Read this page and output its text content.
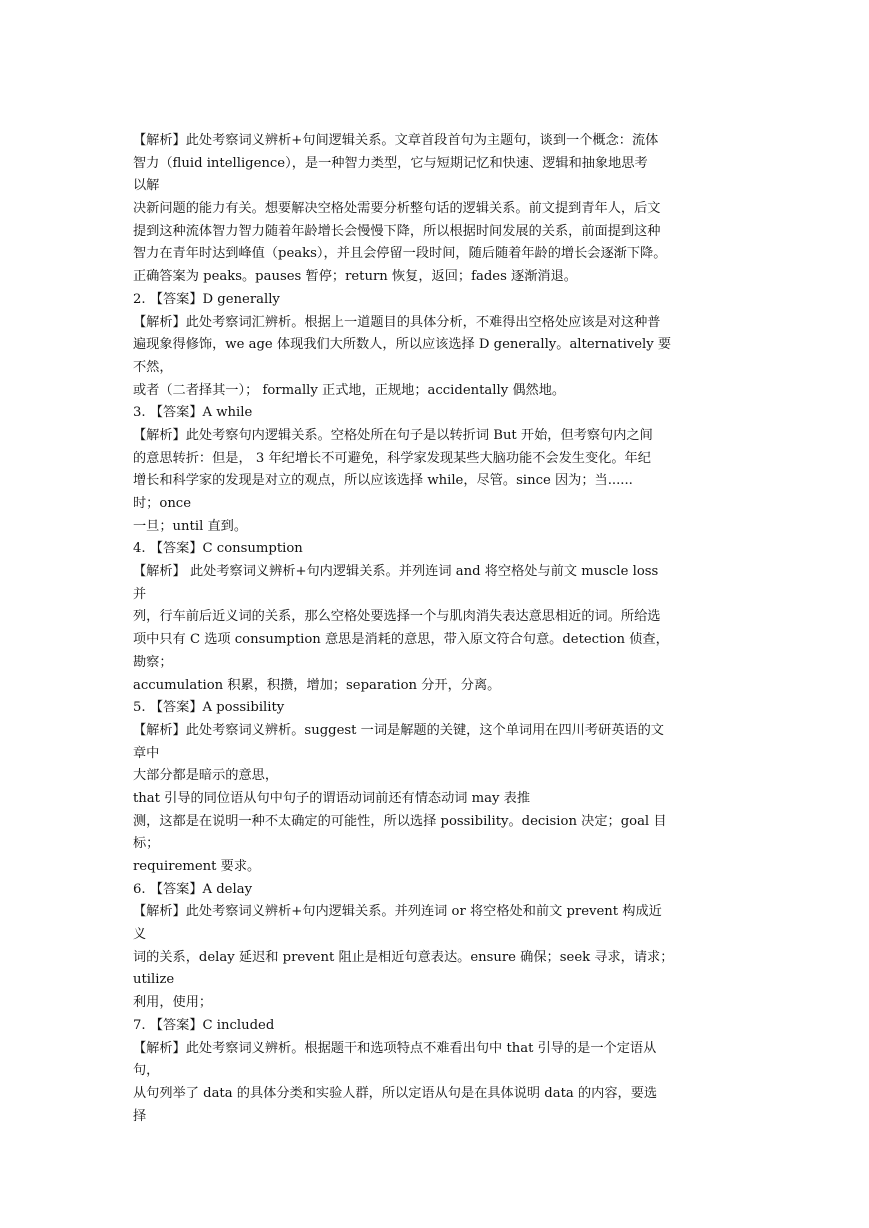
【解析】此处考察词义辨析+句间逻辑关系。文章首段首句为主题句，谈到一个概念：流体
智力（fluid intelligence），是一种智力类型，它与短期记忆和快速、逻辑和抽象地思考
以解
决新问题的能力有关。想要解决空格处需要分析整句话的逻辑关系。前文提到青年人，后文
提到这种流体智力智力随着年龄增长会慢慢下降，所以根据时间发展的关系，前面提到这种
智力在青年时达到峰值（peaks），并且会停留一段时间，随后随着年龄的增长会逐渐下降。
正确答案为 peaks。pauses 暂停；return 恢复，返回；fades 逐渐消退。
2. 【答案】D generally
【解析】此处考察词汇辨析。根据上一道题目的具体分析，不难得出空格处应该是对这种普
遍现象得修饰，we age 体现我们大所数人，所以应该选择 D generally。alternatively 要
不然，
或者（二者择其一）； formally 正式地，正规地；accidentally 偶然地。
3. 【答案】A while
【解析】此处考察句内逻辑关系。空格处所在句子是以转折词 But 开始，但考察句内之间
的意思转折：但是， 3 年纪增长不可避免，科学家发现某些大脑功能不会发生变化。年纪
增长和科学家的发现是对立的观点，所以应该选择 while，尽管。since 因为；当......
时；once
一旦；until 直到。
4. 【答案】C consumption
【解析】 此处考察词义辨析+句内逻辑关系。并列连词 and 将空格处与前文 muscle loss
并
列，行车前后近义词的关系，那么空格处要选择一个与肌肉消失表达意思相近的词。所给选
项中只有 C 选项 consumption 意思是消耗的意思，带入原文符合句意。detection 侦查，
勘察；
accumulation 积累，积攒，增加；separation 分开，分离。
5. 【答案】A possibility
【解析】此处考察词义辨析。suggest 一词是解题的关键，这个单词用在四川考研英语的文
章中
大部分都是暗示的意思，
that 引导的同位语从句中句子的谓语动词前还有情态动词 may 表推
测，这都是在说明一种不太确定的可能性，所以选择 possibility。decision 决定；goal 目
标；
requirement 要求。
6. 【答案】A delay
【解析】此处考察词义辨析+句内逻辑关系。并列连词 or 将空格处和前文 prevent 构成近
义
词的关系，delay 延迟和 prevent 阻止是相近句意表达。ensure 确保；seek 寻求，请求；
utilize
利用，使用；
7. 【答案】C included
【解析】此处考察词义辨析。根据题干和选项特点不难看出句中 that 引导的是一个定语从
句，
从句列举了 data 的具体分类和实验人群，所以定语从句是在具体说明 data 的内容，要选
择
